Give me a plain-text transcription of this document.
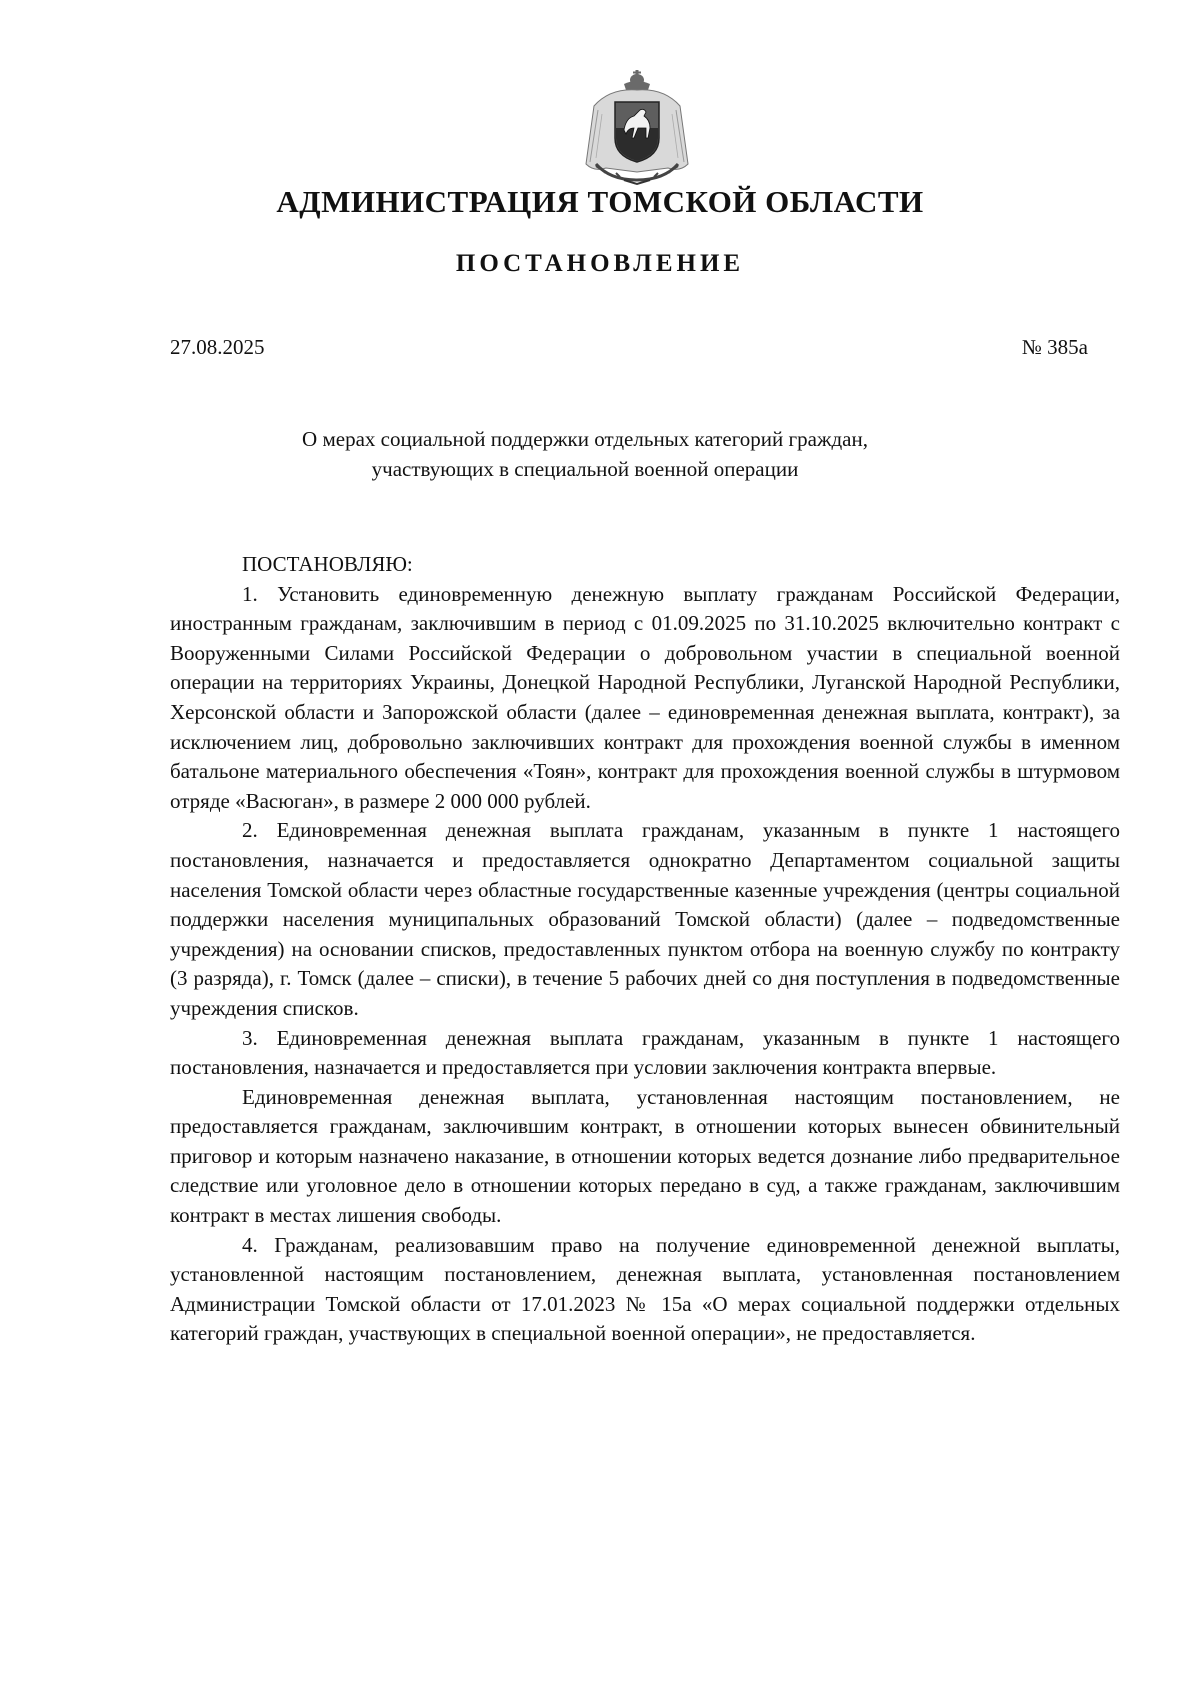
АДМИНИСТРАЦИЯ ТОМСКОЙ ОБЛАСТИ
ПОСТАНОВЛЕНИЕ
27.08.2025	№ 385а
О мерах социальной поддержки отдельных категорий граждан,
участвующих в специальной военной операции

ПОСТАНОВЛЯЮ:

1. Установить единовременную денежную выплату гражданам Российской Федерации, иностранным гражданам, заключившим в период с 01.09.2025 по 31.10.2025 включительно контракт с Вооруженными Силами Российской Федерации о добровольном участии в специальной военной операции на территориях Украины, Донецкой Народной Республики, Луганской Народной Республики, Херсонской области и Запорожской области (далее – единовременная денежная выплата, контракт), за исключением лиц, добровольно заключивших контракт для прохождения военной службы в именном батальоне материального обеспечения «Тоян», контракт для прохождения военной службы в штурмовом отряде «Васюган», в размере 2 000 000 рублей.

2. Единовременная денежная выплата гражданам, указанным в пункте 1 настоящего постановления, назначается и предоставляется однократно Департаментом социальной защиты населения Томской области через областные государственные казенные учреждения (центры социальной поддержки населения муниципальных образований Томской области) (далее – подведомственные учреждения) на основании списков, предоставленных пунктом отбора на военную службу по контракту (3 разряда), г. Томск (далее – списки), в течение 5 рабочих дней со дня поступления в подведомственные учреждения списков.

3. Единовременная денежная выплата гражданам, указанным в пункте 1 настоящего постановления, назначается и предоставляется при условии заключения контракта впервые.

Единовременная денежная выплата, установленная настоящим постановлением, не предоставляется гражданам, заключившим контракт, в отношении которых вынесен обвинительный приговор и которым назначено наказание, в отношении которых ведется дознание либо предварительное следствие или уголовное дело в отношении которых передано в суд, а также гражданам, заключившим контракт в местах лишения свободы.

4. Гражданам, реализовавшим право на получение единовременной денежной выплаты, установленной настоящим постановлением, денежная выплата, установленная постановлением Администрации Томской области от 17.01.2023 № 15а «О мерах социальной поддержки отдельных категорий граждан, участвующих в специальной военной операции», не предоставляется.
